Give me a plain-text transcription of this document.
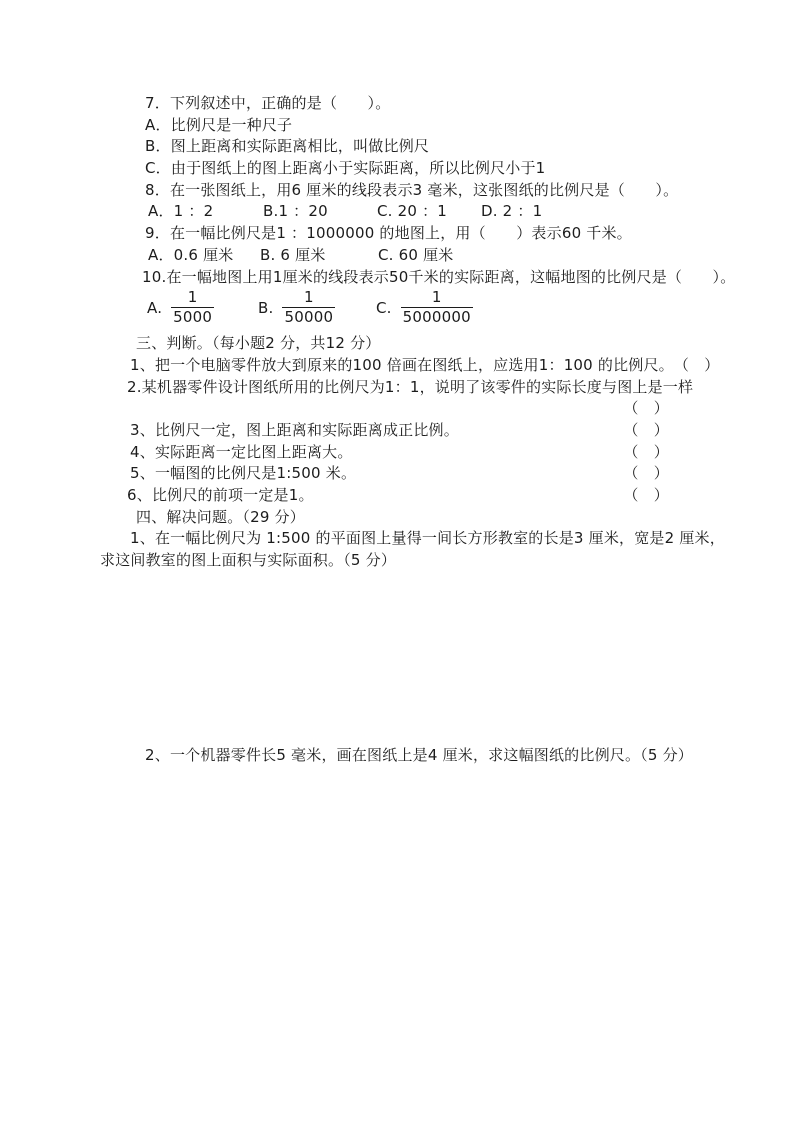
7．下列叙述中，正确的是（　　）。
A．比例尺是一种尺子
B．图上距离和实际距离相比，叫做比例尺
C．由于图纸上的图上距离小于实际距离，所以比例尺小于1
8．在一张图纸上，用6 厘米的线段表示3 毫米，这张图纸的比例尺是（　　）。
A．1 ：2	B.1 ：20	C. 20 ：1 D. 2 ：1
9．在一幅比例尺是1 ：1000000 的地图上，用（　　）表示60 千米。
A．0.6 厘米 B. 6 厘米	C. 60 厘米
10.在一幅地图上用1厘米的线段表示50千米的实际距离，这幅地图的比例尺是（　　）。
A. $\frac{1}{5000}$	B. $\frac{1}{50000}$	C. $\frac{1}{5000000}$
三、判断。（每小题2 分，共12 分）
1、把一个电脑零件放大到原来的100 倍画在图纸上，应选用1：100 的比例尺。 （　）
2.某机器零件设计图纸所用的比例尺为1：1，说明了该零件的实际长度与图上是一样
（　）
3、比例尺一定，图上距离和实际距离成正比例。	（　）
4、实际距离一定比图上距离大。	（　）
5、一幅图的比例尺是1:500 米。	（　）
6、比例尺的前项一定是1。	（　）
四、解决问题。（29 分）
1、在一幅比例尺为 1:500 的平面图上量得一间长方形教室的长是3 厘米，宽是2 厘米，
求这间教室的图上面积与实际面积。（5 分）
2、一个机器零件长5 毫米，画在图纸上是4 厘米，求这幅图纸的比例尺。（5 分）
